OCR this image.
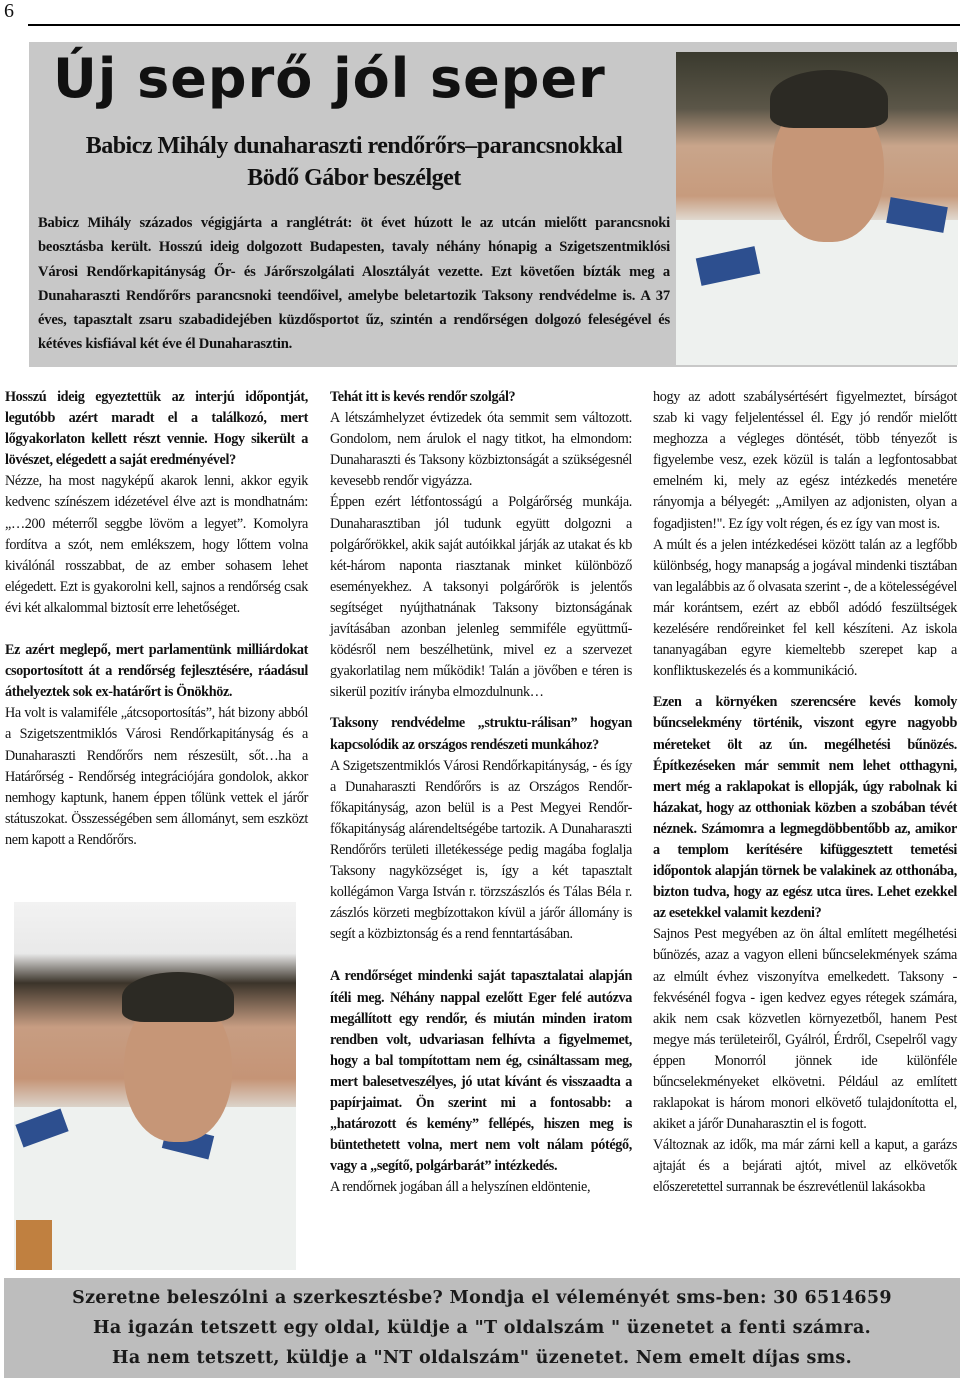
6
Új seprő jól seper
Babicz Mihály dunaharaszti rendőrőrs–parancsnokkal
Bödő Gábor beszélget
Babicz Mihály százados végigjárta a ranglétrát: öt évet húzott le az utcán mielőtt parancsnoki beosztásba került. Hosszú ideig dolgozott Budapesten, tavaly néhány hónapig a Szigetszentmiklósi Városi Rendőrkapitányság Őr- és Járőrszolgálati Alosztályát vezette. Ezt követően bízták meg a Dunaharaszti Rendőrőrs parancsnoki teendőivel, amelybe beletartozik Taksony rendvédelme is. A 37 éves, tapasztalt zsaru szabadidejében küzdősportot űz, szintén a rendőrségen dolgozó feleségével és kétéves kisfiával két éve él Dunaharasztin.

Hosszú ideig egyeztettük az interjú időpontját, legutóbb azért maradt el a találkozó, mert lőgyakorlaton kellett részt vennie. Hogy sikerült a lövészet, elégedett a saját eredményével?

Nézze, ha most nagyképű akarok lenni, akkor egyik kedvenc színészem idézetével élve azt is mondhatnám: „…200 méterről seggbe lövöm a legyet”. Komolyra fordítva a szót, nem emlékszem, hogy lőttem volna kiválónál rosszabbat, de az ember sohasem lehet elégedett. Ezt is gyakorolni kell, sajnos a rendőrség csak évi két alkalommal biztosít erre lehetőséget.

Ez azért meglepő, mert parlamentünk milliárdokat csoportosított át a rendőrség fejlesztésére, ráadásul áthelyeztek sok ex-határőrt is Önökhöz.

Ha volt is valamiféle „átcsoportosítás”, hát bizony abból a Szigetszentmiklós Városi Rendőrkapitányság és a Dunaharaszti Rendőrőrs nem részesült, sőt…ha a Határőrség - Rendőrség integrációjára gondolok, akkor nemhogy kaptunk, hanem éppen tőlünk vettek el járőr státuszokat. Összességében sem állományt, sem eszközt nem kapott a Rendőrőrs.

Tehát itt is kevés rendőr szolgál?

A létszámhelyzet évtizedek óta semmit sem változott. Gondolom, nem árulok el nagy titkot, ha elmondom: Dunaharaszti és Taksony közbiztonságát a szükségesnél kevesebb rendőr vigyázza.

Éppen ezért létfontosságú a Polgárőrség munkája. Dunaharasztiban jól tudunk együtt dolgozni a polgárőrökkel, akik saját autóikkal járják az utakat és kb két-három naponta riasztanak minket különböző eseményekhez. A taksonyi polgárőrök is jelentős segítséget nyújthatnának Taksony biztonságának javításában azonban jelenleg semmiféle együttmű-ködésről nem beszélhetünk, mivel ez a szervezet gyakorlatilag nem működik! Talán a jövőben e téren is sikerül pozitív irányba elmozdulnunk…

Taksony rendvédelme „struktu-rálisan” hogyan kapcsolódik az országos rendészeti munkához?

A Szigetszentmiklós Városi Rendőrkapitányság, - és így a Dunaharaszti Rendőrőrs is az Országos Rendőr-főkapitányság, azon belül is a Pest Megyei Rendőr-főkapitányság alárendeltségébe tartozik. A Dunaharaszti Rendőrőrs területi illetékessége pedig magába foglalja Taksony nagyközséget is, így a két tapasztalt kollégámon Varga István r. törzszászlós és Tálas Béla r. zászlós körzeti megbízottakon kívül a járőr állomány is segít a közbiztonság és a rend fenntartásában.

A rendőrséget mindenki saját tapasztalatai alapján ítéli meg. Néhány nappal ezelőtt Eger felé autózva megállított egy rendőr, és miután minden iratom rendben volt, udvariasan felhívta a figyelmemet, hogy a bal tompítottam nem ég, csináltassam meg, mert balesetveszélyes, jó utat kívánt és visszaadta a papírjaimat. Ön szerint mi a fontosabb: a „határozott és kemény” fellépés, hiszen meg is büntethetett volna, mert nem volt nálam pótégő, vagy a „segítő, polgárbarát” intézkedés.

A rendőrnek jogában áll a helyszínen eldöntenie,

hogy az adott szabálysértésért figyelmeztet, bírságot szab ki vagy feljelentéssel él. Egy jó rendőr mielőtt meghozza a végleges döntését, több tényezőt is figyelembe vesz, ezek közül is talán a legfontosabbat emelném ki, mely az egész intézkedés menetére rányomja a bélyegét: „Amilyen az adjonisten, olyan a fogadjisten!". Ez így volt régen, és ez így van most is.

A múlt és a jelen intézkedései között talán az a legfőbb különbség, hogy manapság a jogával mindenki tisztában van legalábbis az ő olvasata szerint -, de a kötelességével már korántsem, ezért az ebből adódó feszültségek kezelésére rendőreinket fel kell készíteni. Az iskola tananyagában egyre kiemeltebb szerepet kap a konfliktuskezelés és a kommunikáció.

Ezen a környéken szerencsére kevés komoly bűncselekmény történik, viszont egyre nagyobb méreteket ölt az ún. megélhetési bűnözés. Építkezéseken már semmit nem lehet otthagyni, mert még a raklapokat is ellopják, úgy rabolnak ki házakat, hogy az otthoniak közben a szobában tévét néznek. Számomra a legmegdöbbentőbb az, amikor a templom kerítésére kifüggesztett temetési időpontok alapján törnek be valakinek az otthonába, bizton tudva, hogy az egész utca üres. Lehet ezekkel az esetekkel valamit kezdeni?

Sajnos Pest megyében az ön által említett megélhetési bűnözés, azaz a vagyon elleni bűncselekmények száma az elmúlt évhez viszonyítva emelkedett. Taksony - fekvésénél fogva - igen kedvez egyes rétegek számára, akik nem csak közvetlen környezetből, hanem Pest megye más területeiről, Gyálról, Érdről, Csepelről vagy éppen Monorról jönnek ide különféle bűncselekményeket elkövetni. Például az említett raklapokat is három monori elkövető tulajdonította el, akiket a járőr Dunaharasztin el is fogott.

Változnak az idők, ma már zárni kell a kaput, a garázs ajtaját és a bejárati ajtót, mivel az elkövetők előszeretettel surrannak be észrevétlenül lakásokba

Szeretne beleszólni a szerkesztésbe? Mondja el véleményét sms-ben: 30 6514659
Ha igazán tetszett egy oldal, küldje a "T oldalszám " üzenetet a fenti számra.
Ha nem tetszett, küldje a "NT oldalszám" üzenetet. Nem emelt díjas sms.
